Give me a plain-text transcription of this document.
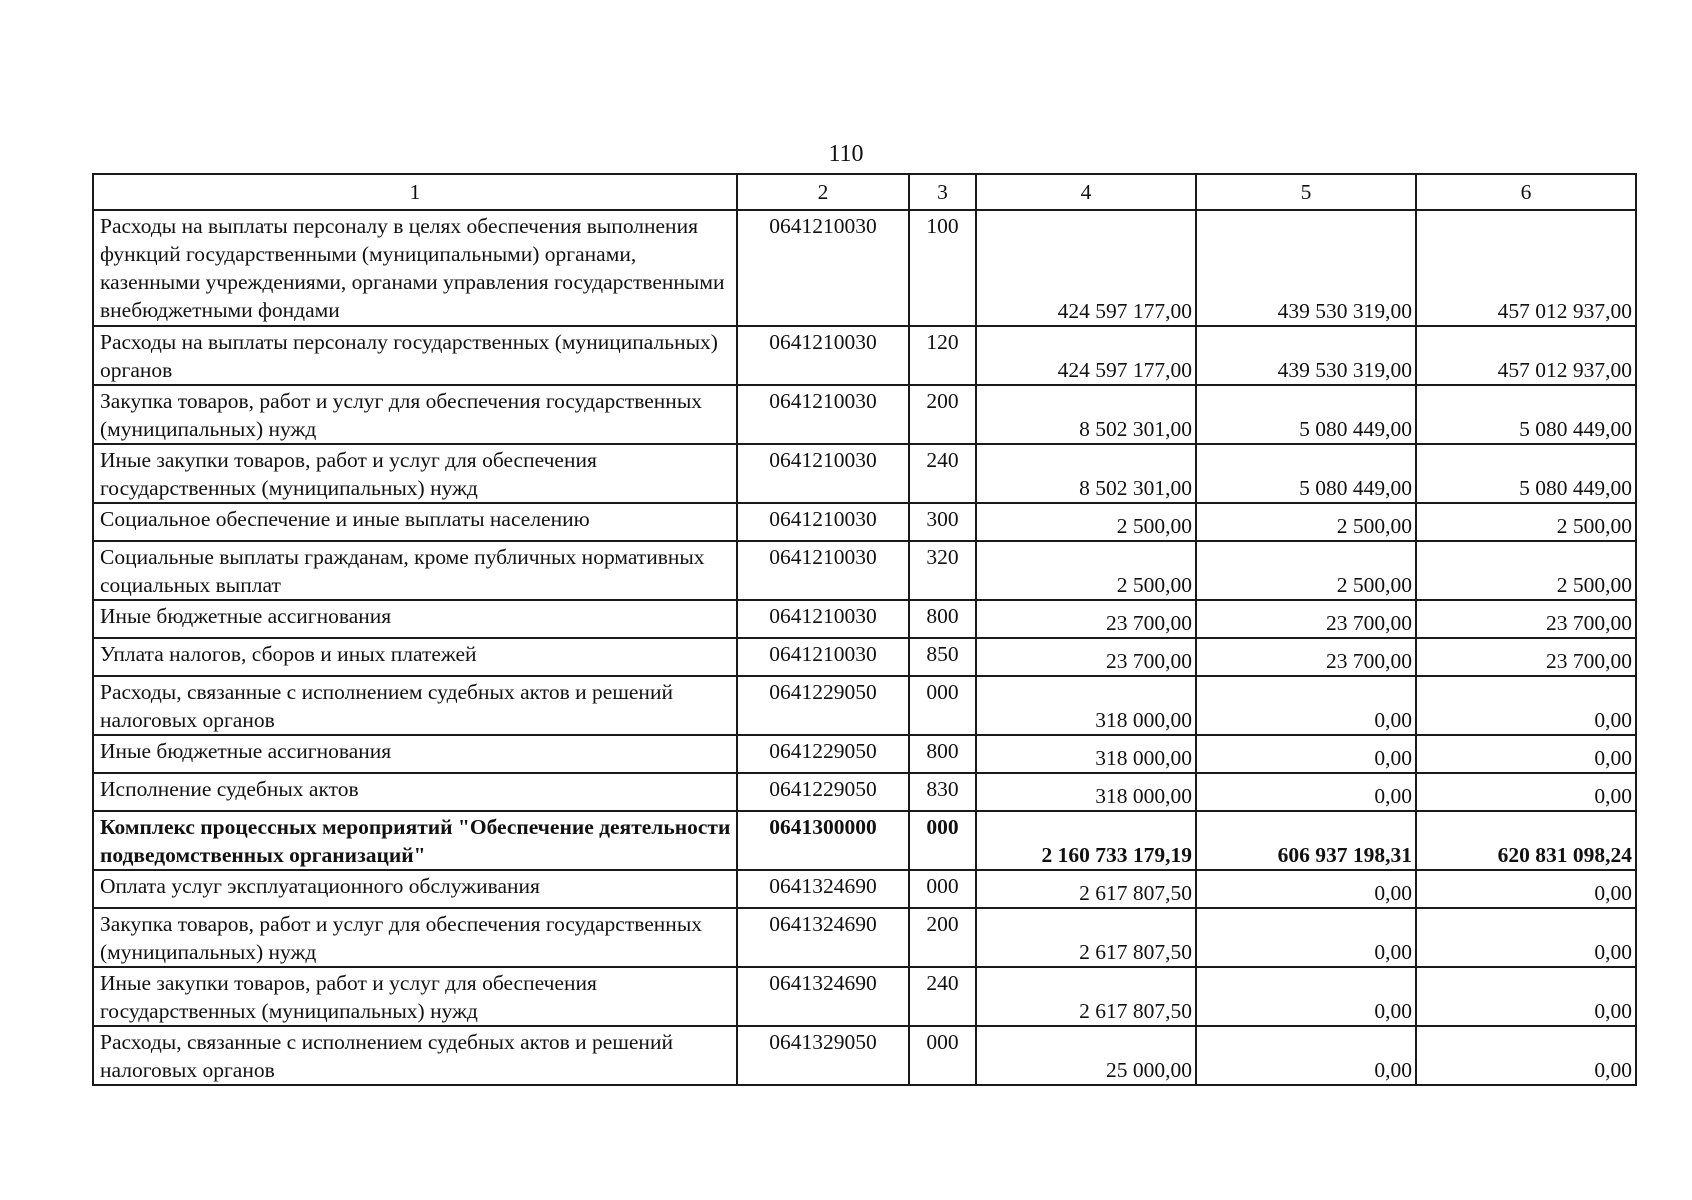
110
1	2	3	4	5	6
Расходы на выплаты персоналу в целях обеспечения выполнения функций государственными (муниципальными) органами, казенными учреждениями, органами управления государственными внебюджетными фондами	0641210030	100	424 597 177,00	439 530 319,00	457 012 937,00
Расходы на выплаты персоналу государственных (муниципальных) органов	0641210030	120	424 597 177,00	439 530 319,00	457 012 937,00
Закупка товаров, работ и услуг для обеспечения государственных (муниципальных) нужд	0641210030	200	8 502 301,00	5 080 449,00	5 080 449,00
Иные закупки товаров, работ и услуг для обеспечения государственных (муниципальных) нужд	0641210030	240	8 502 301,00	5 080 449,00	5 080 449,00
Социальное обеспечение и иные выплаты населению	0641210030	300	2 500,00	2 500,00	2 500,00
Социальные выплаты гражданам, кроме публичных нормативных социальных выплат	0641210030	320	2 500,00	2 500,00	2 500,00
Иные бюджетные ассигнования	0641210030	800	23 700,00	23 700,00	23 700,00
Уплата налогов, сборов и иных платежей	0641210030	850	23 700,00	23 700,00	23 700,00
Расходы, связанные с исполнением судебных актов и решений налоговых органов	0641229050	000	318 000,00	0,00	0,00
Иные бюджетные ассигнования	0641229050	800	318 000,00	0,00	0,00
Исполнение судебных актов	0641229050	830	318 000,00	0,00	0,00
Комплекс процессных мероприятий "Обеспечение деятельности подведомственных организаций"	0641300000	000	2 160 733 179,19	606 937 198,31	620 831 098,24
Оплата услуг эксплуатационного обслуживания	0641324690	000	2 617 807,50	0,00	0,00
Закупка товаров, работ и услуг для обеспечения государственных (муниципальных) нужд	0641324690	200	2 617 807,50	0,00	0,00
Иные закупки товаров, работ и услуг для обеспечения государственных (муниципальных) нужд	0641324690	240	2 617 807,50	0,00	0,00
Расходы, связанные с исполнением судебных актов и решений налоговых органов	0641329050	000	25 000,00	0,00	0,00
